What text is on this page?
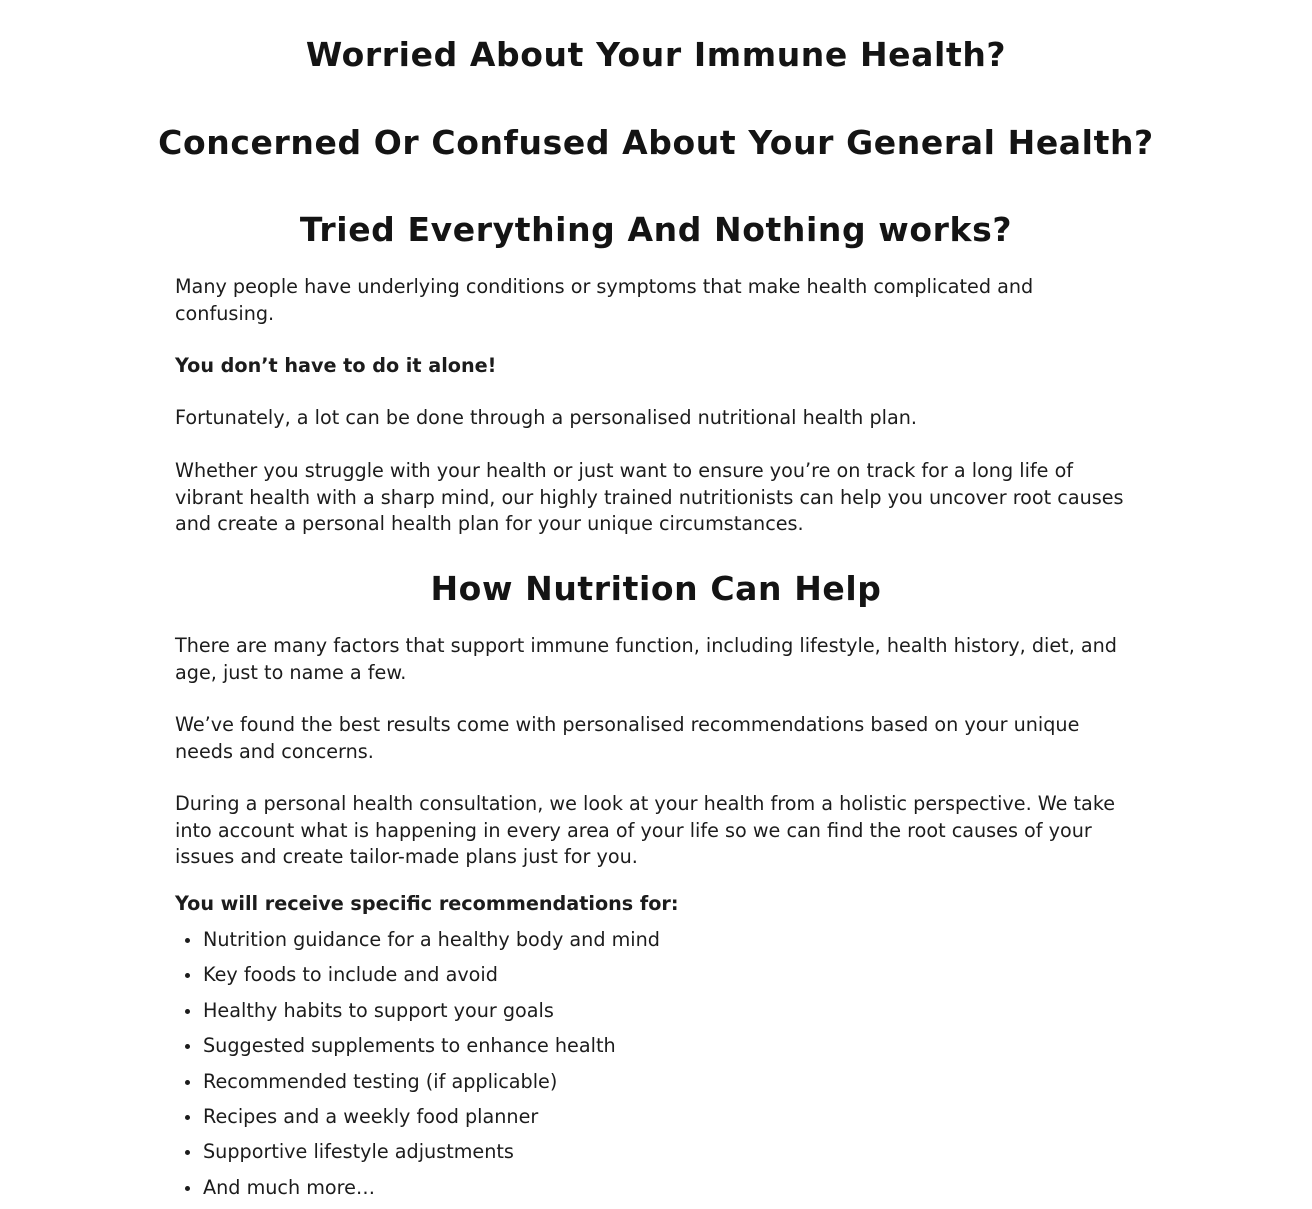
Worried About Your Immune Health?
Concerned Or Confused About Your General Health?
Tried Everything And Nothing works?

Many people have underlying conditions or symptoms that make health complicated and confusing.

You don’t have to do it alone!

Fortunately, a lot can be done through a personalised nutritional health plan.

Whether you struggle with your health or just want to ensure you’re on track for a long life of vibrant health with a sharp mind, our highly trained nutritionists can help you uncover root causes and create a personal health plan for your unique circumstances.

How Nutrition Can Help

There are many factors that support immune function, including lifestyle, health history, diet, and age, just to name a few.

We’ve found the best results come with personalised recommendations based on your unique needs and concerns.

During a personal health consultation, we look at your health from a holistic perspective. We take into account what is happening in every area of your life so we can find the root causes of your issues and create tailor-made plans just for you.

You will receive specific recommendations for:

Nutrition guidance for a healthy body and mind
Key foods to include and avoid
Healthy habits to support your goals
Suggested supplements to enhance health
Recommended testing (if applicable)
Recipes and a weekly food planner
Supportive lifestyle adjustments
And much more…
